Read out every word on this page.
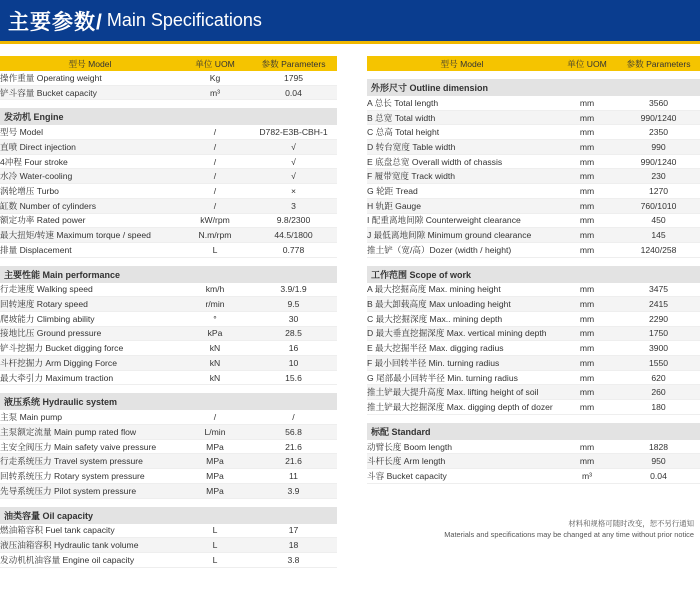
主要参数/ Main Specifications
型号 Model	单位 UOM	参数 Parameters
操作重量 Operating weight	Kg	1795
铲斗容量 Bucket capacity	m³	0.04
发动机 Engine
型号 Model	/	D782-E3B-CBH-1
直喷 Direct injection	/	√
4冲程 Four stroke	/	√
水冷 Water-cooling	/	√
涡轮增压 Turbo	/	×
缸数 Number of cylinders	/	3
额定功率 Rated power	kW/rpm	9.8/2300
最大扭矩/转速 Maximum torque / speed	N.m/rpm	44.5/1800
排量 Displacement	L	0.778
主要性能 Main performance
行走速度 Walking speed	km/h	3.9/1.9
回转速度 Rotary speed	r/min	9.5
爬坡能力 Climbing ability	°	30
接地比压 Ground pressure	kPa	28.5
铲斗挖掘力 Bucket digging force	kN	16
斗杆挖掘力 Arm Digging Force	kN	10
最大牵引力 Maximum traction	kN	15.6
液压系统 Hydraulic system
主泵 Main pump	/	/
主泵额定流量 Main pump rated flow	L/min	56.8
主安全阀压力 Main safety vaive pressure	MPa	21.6
行走系统压力 Travel system pressure	MPa	21.6
回转系统压力 Rotary system pressure	MPa	11
先导系统压力 Pilot system pressure	MPa	3.9
油类容量 Oil capacity
燃油箱容积 Fuel tank capacity	L	17
液压油箱容积 Hydraulic tank volume	L	18
发动机机油容量 Engine oil capacity	L	3.8
型号 Model	单位 UOM	参数 Parameters
外形尺寸 Outline dimension
A 总长 Total length	mm	3560
B 总宽 Total width	mm	990/1240
C 总高 Total height	mm	2350
D 转台宽度 Table width	mm	990
E 底盘总宽 Overall width of chassis	mm	990/1240
F 履带宽度 Track width	mm	230
G 轮距 Tread	mm	1270
H 轨距 Gauge	mm	760/1010
I 配重离地间隙 Counterweight clearance	mm	450
J 最低离地间隙 Minimum ground clearance	mm	145
推土铲（宽/高）Dozer (width / height)	mm	1240/258
工作范围 Scope of work
A 最大挖掘高度 Max. mining height	mm	3475
B 最大卸载高度 Max unloading height	mm	2415
C 最大挖掘深度 Max.. mining depth	mm	2290
D 最大垂直挖掘深度 Max. vertical mining depth	mm	1750
E 最大挖掘半径 Max. digging radius	mm	3900
F 最小回转半径 Min. turning radius	mm	1550
G 尾部最小回转半径 Min. turning radius	mm	620
推土铲最大提升高度 Max. lifting height of soil	mm	260
推土铲最大挖掘深度 Max. digging depth of dozer	mm	180
标配 Standard
动臂长度 Boom length	mm	1828
斗杆长度 Arm length	mm	950
斗容 Bucket capacity	m³	0.04
材料和规格可随时改变，恕不另行通知
Materials and specifications may be changed at any time without prior notice
